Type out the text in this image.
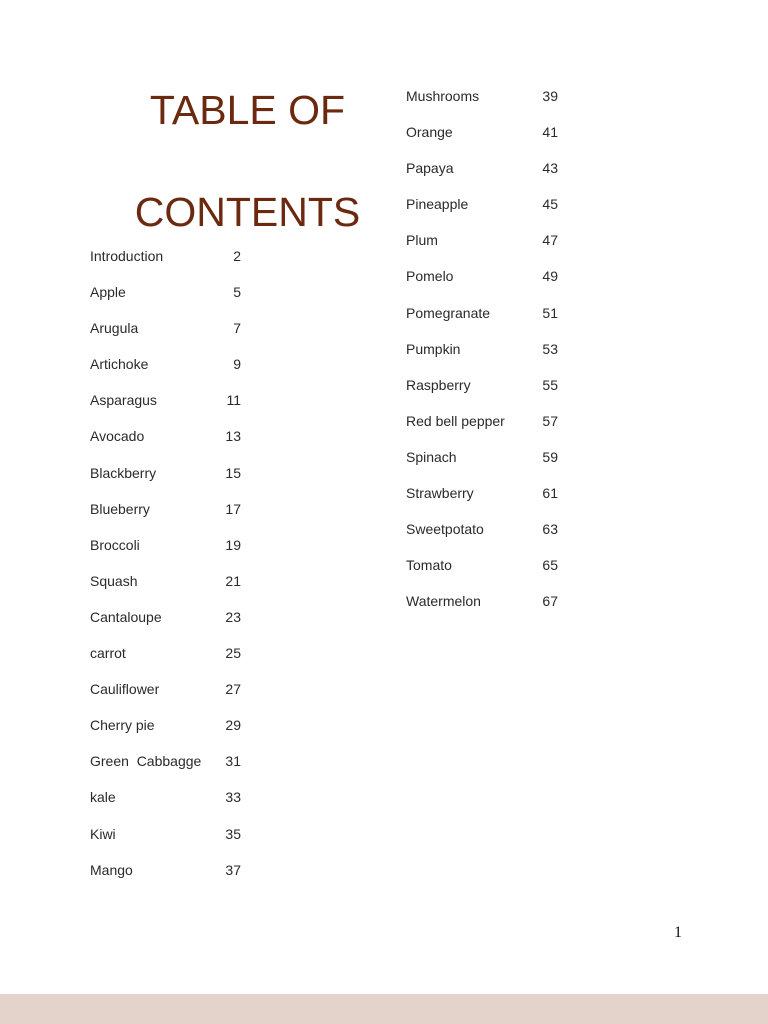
TABLE OF
CONTENTS
Introduction	2
Apple	5
Arugula	7
Artichoke	9
Asparagus	11
Avocado	13
Blackberry	15
Blueberry	17
Broccoli	19
Squash	21
Cantaloupe	23
carrot	25
Cauliflower	27
Cherry pie	29
Green  Cabbagge 31
kale	33
Kiwi	35
Mango	37
Mushrooms	39
Orange	41
Papaya	43
Pineapple	45
Plum	47
Pomelo	49
Pomegranate	51
Pumpkin	53
Raspberry	55
Red bell pepper	57
Spinach	59
Strawberry	61
Sweetpotato	63
Tomato	65
Watermelon	67
1
